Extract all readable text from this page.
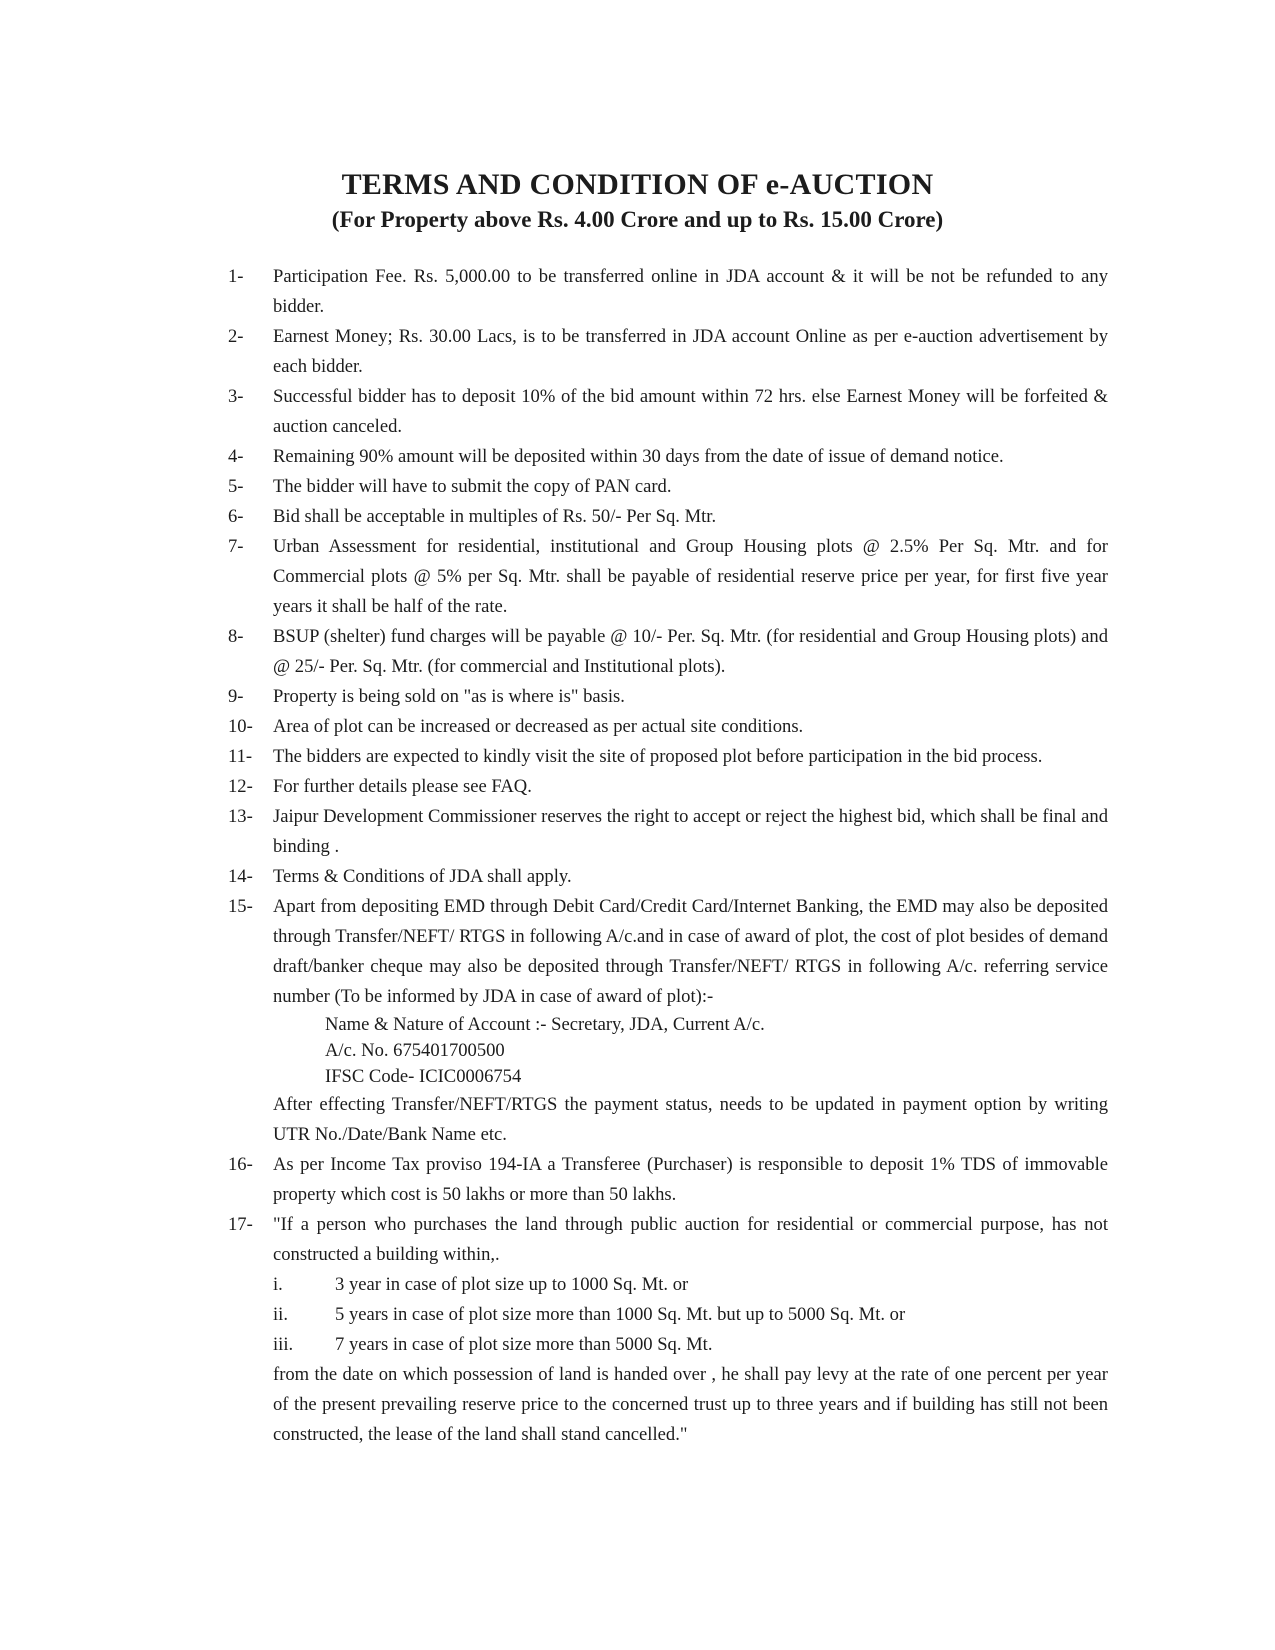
TERMS AND CONDITION OF e-AUCTION
(For Property above Rs. 4.00 Crore and up to Rs. 15.00 Crore)
1-	Participation Fee. Rs. 5,000.00 to be transferred online in JDA account & it will be not be refunded to any bidder.
2-	Earnest Money; Rs. 30.00 Lacs, is to be transferred in JDA account Online as per e-auction advertisement by each bidder.
3-	Successful bidder has to deposit 10% of the bid amount within 72 hrs. else Earnest Money will be forfeited & auction canceled.
4-	Remaining 90% amount will be deposited within 30 days from the date of issue of demand notice.
5-	The bidder will have to submit the copy of PAN card.
6-	Bid shall be acceptable in multiples of Rs. 50/- Per Sq. Mtr.
7-	Urban Assessment for residential, institutional and Group Housing plots @ 2.5% Per Sq. Mtr. and for Commercial plots @ 5% per Sq. Mtr. shall be payable of residential reserve price per year, for first five year years it shall be half of the rate.
8-	BSUP (shelter) fund charges will be payable @ 10/- Per. Sq. Mtr. (for residential and Group Housing plots) and @ 25/- Per. Sq. Mtr. (for commercial and Institutional plots).
9-	Property is being sold on "as is where is" basis.
10-	Area of plot can be increased or decreased as per actual site conditions.
11-	The bidders are expected to kindly visit the site of proposed plot before participation in the bid process.
12-	For further details please see FAQ.
13-	Jaipur Development Commissioner reserves the right to accept or reject the highest bid, which shall be final and binding .
14-	Terms & Conditions of JDA shall apply.
15-	Apart from depositing EMD through Debit Card/Credit Card/Internet Banking, the EMD may also be deposited through Transfer/NEFT/ RTGS in following A/c.and in case of award of plot, the cost of plot besides of demand draft/banker cheque may also be deposited through Transfer/NEFT/ RTGS in following A/c. referring service number (To be informed by JDA in case of award of plot):-
Name & Nature of Account :- Secretary, JDA, Current A/c.
A/c. No. 675401700500
IFSC Code- ICIC0006754
After effecting Transfer/NEFT/RTGS the payment status, needs to be updated in payment option by writing UTR No./Date/Bank Name etc.
16-	As per Income Tax proviso 194-IA a Transferee (Purchaser) is responsible to deposit 1% TDS of immovable property which cost is 50 lakhs or more than 50 lakhs.
17-	"If a person who purchases the land through public auction for residential or commercial purpose, has not constructed a building within,.
i.	3 year in case of plot size up to 1000 Sq. Mt. or
ii.	5 years in case of plot size more than 1000 Sq. Mt. but up to 5000 Sq. Mt. or
iii.	7 years in case of plot size more than 5000 Sq. Mt.
from the date on which possession of land is handed over , he shall pay levy at the rate of one percent per year of the present prevailing reserve price to the concerned trust up to three years and if building has still not been constructed, the lease of the land shall stand cancelled."
